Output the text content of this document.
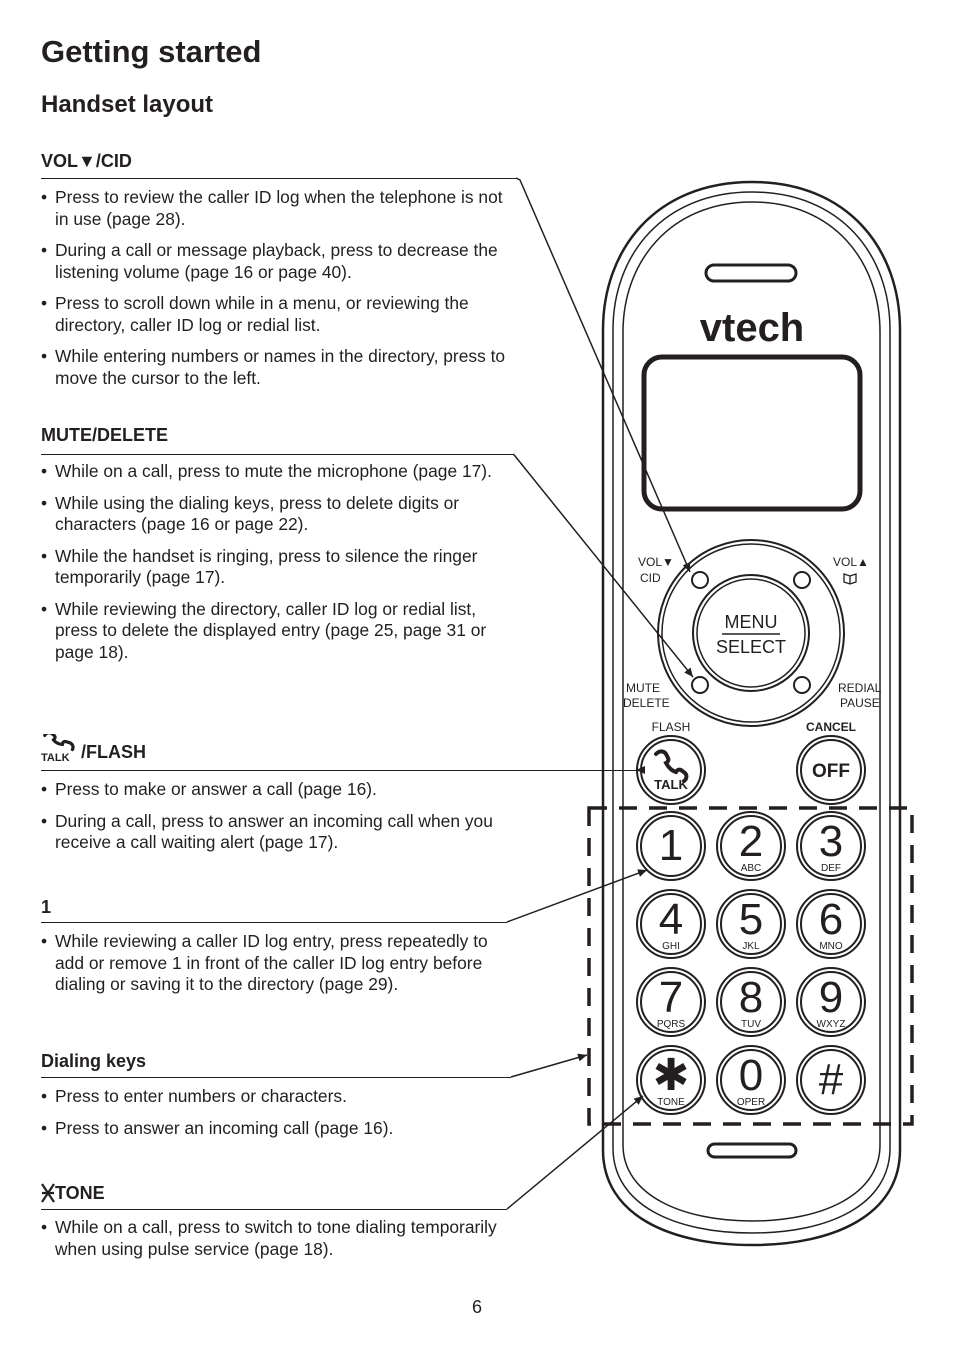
Getting started
Handset layout
VOL▼/CID
• Press to review the caller ID log when the telephone is not in use (page 28).
• During a call or message playback, press to decrease the listening volume (page 16 or page 40).
• Press to scroll down while in a menu, or reviewing the directory, caller ID log or redial list.
• While entering numbers or names in the directory, press to move the cursor to the left.
MUTE/DELETE
• While on a call, press to mute the microphone (page 17).
• While using the dialing keys, press to delete digits or characters (page 16 or page 22).
• While the handset is ringing, press to silence the ringer temporarily (page 17).
• While reviewing the directory, caller ID log or redial list, press to delete the displayed entry (page 25, page 31 or page 18).
TALK /FLASH
• Press to make or answer a call (page 16).
• During a call, press to answer an incoming call when you receive a call waiting alert (page 17).
1
• While reviewing a caller ID log entry, press repeatedly to add or remove 1 in front of the caller ID log entry before dialing or saving it to the directory (page 29).
Dialing keys
• Press to enter numbers or characters.
• Press to answer an incoming call (page 16).
TONE
• While on a call, press to switch to tone dialing temporarily when using pulse service (page 18).
6
vtech
MENU
SELECT
VOL▼
CID
VOL▲
MUTE
DELETE
REDIAL
PAUSE
FLASH	CANCEL
TALK
OFF
1 2
ABC
3
DEF
4
GHI
5
JKL
6
MNO
7
PQRS
8
TUV
9
WXYZ
✱
TONE
0
OPER #
